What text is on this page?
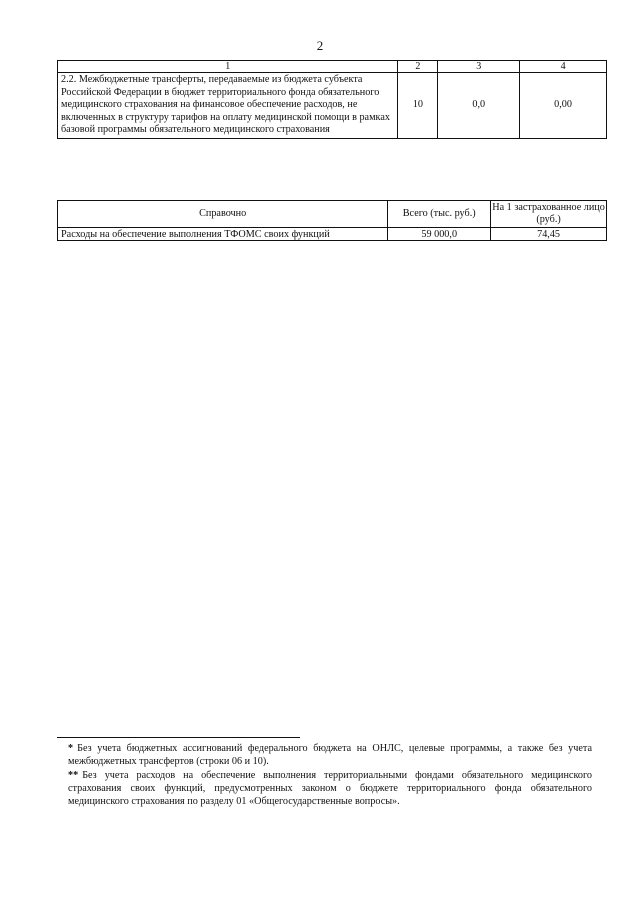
2
1	2	3	4
2.2. Межбюджетные трансферты, передаваемые из бюджета субъекта Российской Федерации в бюджет территориального фонда обязательного медицинского страхования на финансовое обеспечение расходов, не включенных в структуру тарифов на оплату медицинской помощи в рамках базовой программы обязательного медицинского страхования	10	0,0	0,00
Справочно	Всего (тыс. руб.)	На 1 застрахованное лицо (руб.)
Расходы на обеспечение выполнения ТФОМС своих функций	59 000,0	74,45

* Без учета бюджетных ассигнований федерального бюджета на ОНЛС, целевые программы, а также без учета межбюджетных трансфертов (строки 06 и 10).

** Без учета расходов на обеспечение выполнения территориальными фондами обязательного медицинского страхования своих функций, предусмотренных законом о бюджете территориального фонда обязательного медицинского страхования по разделу 01 «Общегосударственные вопросы».
